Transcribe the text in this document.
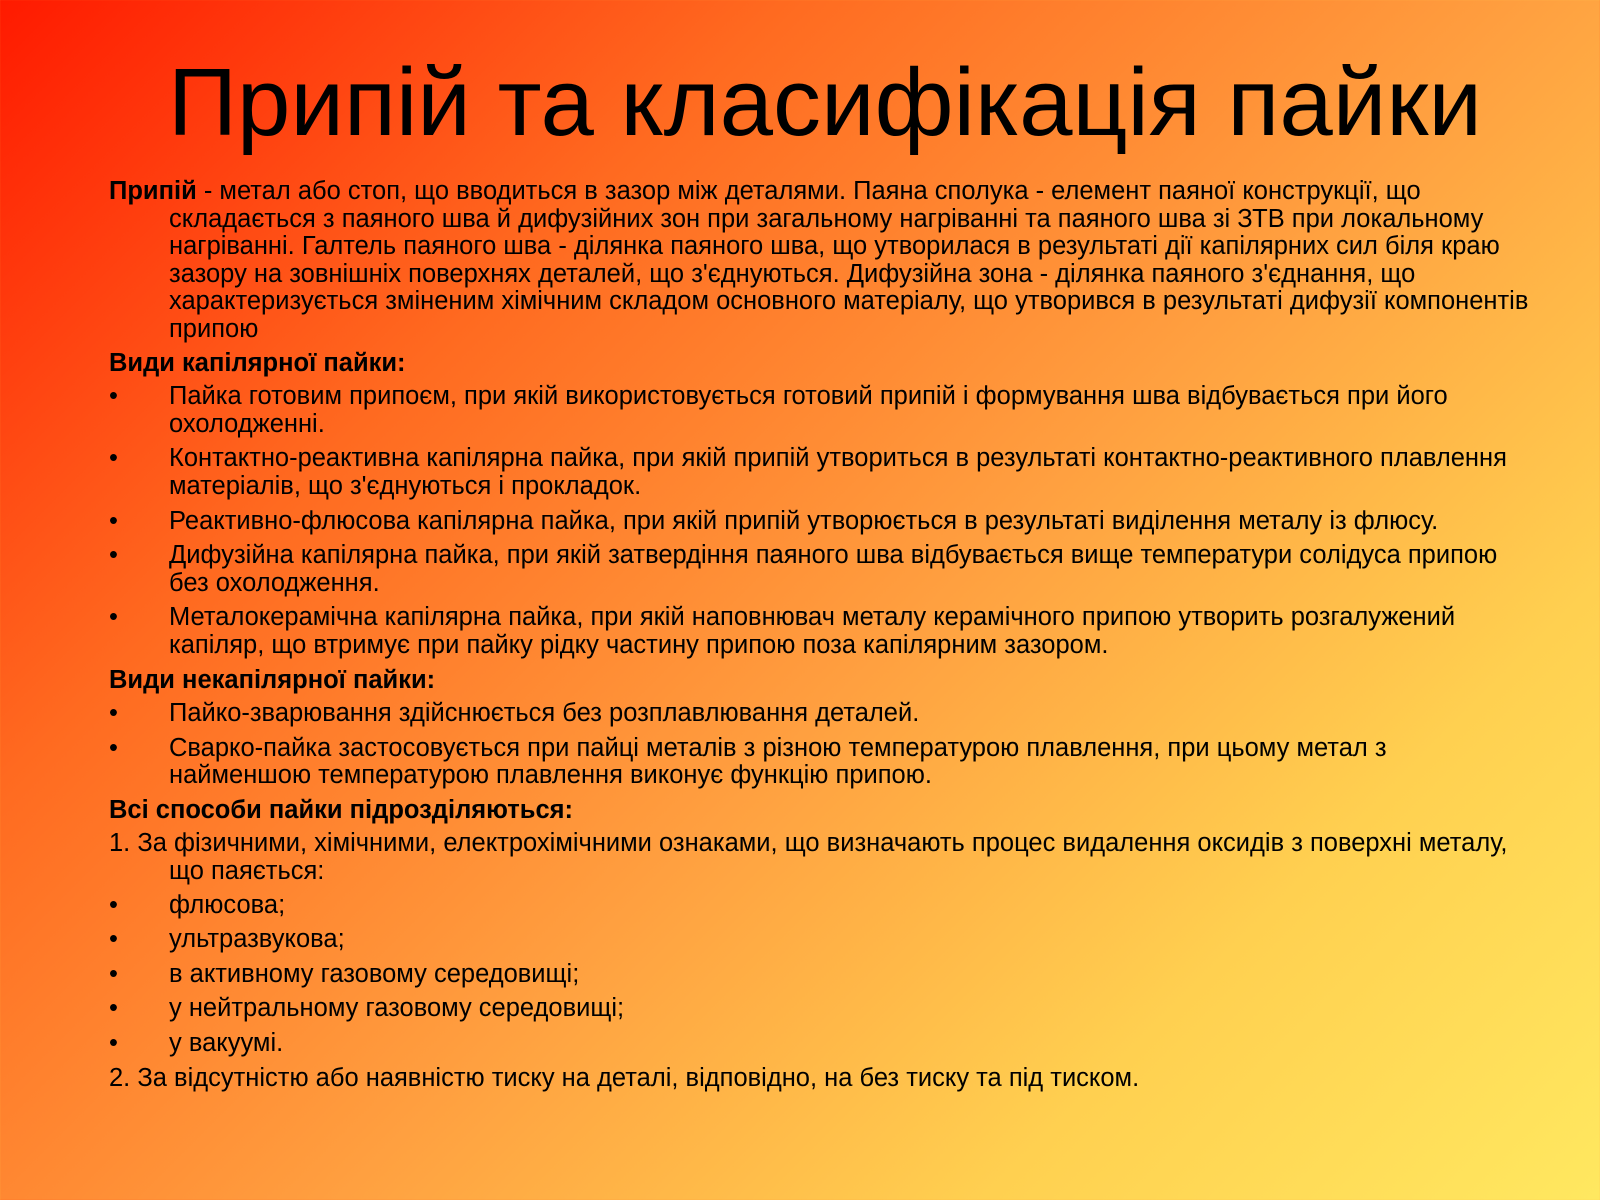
Припій та класифікація пайки

Припій - метал або стоп, що вводиться в зазор між деталями. Паяна сполука - елемент паяної конструкції, що складається з паяного шва й дифузійних зон при загальному нагріванні та паяного шва зі ЗТВ при локальному нагріванні. Галтель паяного шва - ділянка паяного шва, що утворилася в результаті дії капілярних сил біля краю зазору на зовнішніх поверхнях деталей, що з'єднуються. Дифузійна зона - ділянка паяного з'єднання, що характеризується зміненим хімічним складом основного матеріалу, що утворився в результаті дифузії компонентів припою

Види капілярної пайки:

•	Пайка готовим припоєм, при якій використовується готовий припій і формування шва відбувається при його охолодженні.
•	Контактно-реактивна капілярна пайка, при якій припій утвориться в результаті контактно-реактивного плавлення матеріалів, що з'єднуються і прокладок.
•	Реактивно-флюсова капілярна пайка, при якій припій утворюється в результаті виділення металу із флюсу.
•	Дифузійна капілярна пайка, при якій затвердіння паяного шва відбувається вище температури солідуса припою без охолодження.
•	Металокерамічна капілярна пайка, при якій наповнювач металу керамічного припою утворить розгалужений капіляр, що втримує при пайку рідку частину припою поза капілярним зазором.

Види некапілярної пайки:

•	Пайко-зварювання здійснюється без розплавлювання деталей.
•	Сварко-пайка застосовується при пайці металів з різною температурою плавлення, при цьому метал з найменшою температурою плавлення виконує функцію припою.

Всі способи пайки підрозділяються:

1. За фізичними, хімічними, електрохімічними ознаками, що визначають процес видалення оксидів з поверхні металу, що паяється:

•	флюсова;
•	ультразвукова;
•	в активному газовому середовищі;
•	у нейтральному газовому середовищі;
•	у вакуумі.

2. За відсутністю або наявністю тиску на деталі, відповідно, на без тиску та під тиском.
